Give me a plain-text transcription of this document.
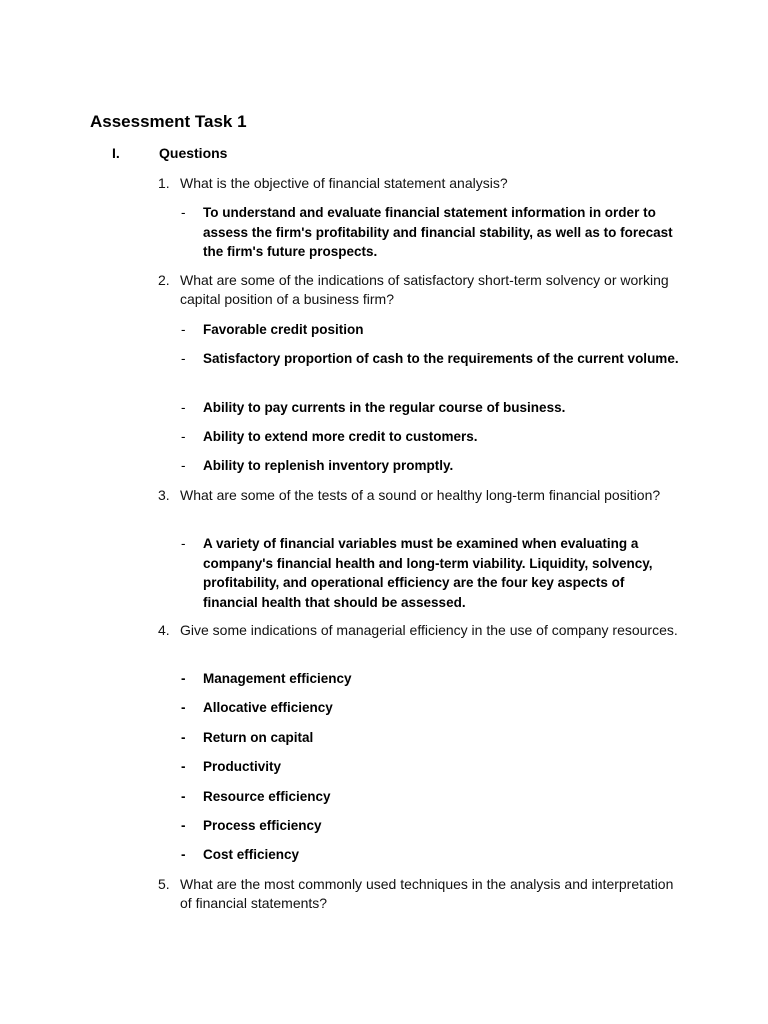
Assessment Task 1
I.	Questions
1. What is the objective of financial statement analysis?
- To understand and evaluate financial statement information in order to assess the firm's profitability and financial stability, as well as to forecast the firm's future prospects.
2. What are some of the indications of satisfactory short-term solvency or working capital position of a business firm?
- Favorable credit position
- Satisfactory proportion of cash to the requirements of the current volume.
- Ability to pay currents in the regular course of business.
- Ability to extend more credit to customers.
- Ability to replenish inventory promptly.
3. What are some of the tests of a sound or healthy long-term financial position?
- A variety of financial variables must be examined when evaluating a company's financial health and long-term viability. Liquidity, solvency, profitability, and operational efficiency are the four key aspects of financial health that should be assessed.
4. Give some indications of managerial efficiency in the use of company resources.
- Management efficiency
- Allocative efficiency
- Return on capital
- Productivity
- Resource efficiency
- Process efficiency
- Cost efficiency
5. What are the most commonly used techniques in the analysis and interpretation of financial statements?
